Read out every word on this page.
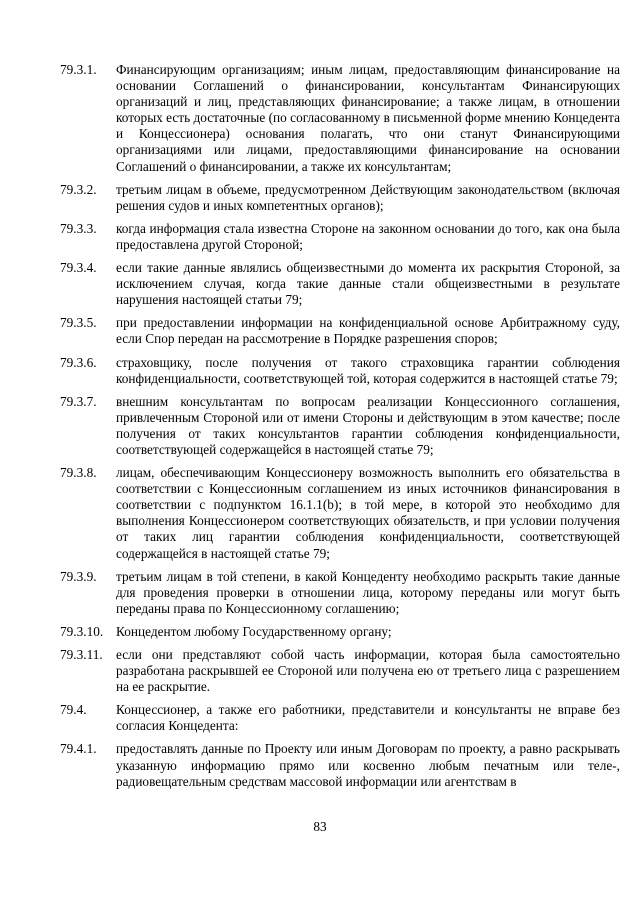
79.3.1.	Финансирующим организациям; иным лицам, предоставляющим финансирование на основании Соглашений о финансировании, консультантам Финансирующих организаций и лиц, представляющих финансирование; а также лицам, в отношении которых есть достаточные (по согласованному в письменной форме мнению Концедента и Концессионера) основания полагать, что они станут Финансирующими организациями или лицами, предоставляющими финансирование на основании Соглашений о финансировании, а также их консультантам;
79.3.2.	третьим лицам в объеме, предусмотренном Действующим законодательством (включая решения судов и иных компетентных органов);
79.3.3.	когда информация стала известна Стороне на законном основании до того, как она была предоставлена другой Стороной;
79.3.4.	если такие данные являлись общеизвестными до момента их раскрытия Стороной, за исключением случая, когда такие данные стали общеизвестными в результате нарушения настоящей статьи 79;
79.3.5.	при предоставлении информации на конфиденциальной основе Арбитражному суду, если Спор передан на рассмотрение в Порядке разрешения споров;
79.3.6.	страховщику, после получения от такого страховщика гарантии соблюдения конфиденциальности, соответствующей той, которая содержится в настоящей статье 79;
79.3.7.	внешним консультантам по вопросам реализации Концессионного соглашения, привлеченным Стороной или от имени Стороны и действующим в этом качестве; после получения от таких консультантов гарантии соблюдения конфиденциальности, соответствующей содержащейся в настоящей статье 79;
79.3.8.	лицам, обеспечивающим Концессионеру возможность выполнить его обязательства в соответствии с Концессионным соглашением из иных источников финансирования в соответствии с подпунктом 16.1.1(b); в той мере, в которой это необходимо для выполнения Концессионером соответствующих обязательств, и при условии получения от таких лиц гарантии соблюдения конфиденциальности, соответствующей содержащейся в настоящей статье 79;
79.3.9.	третьим лицам в той степени, в какой Концеденту необходимо раскрыть такие данные для проведения проверки в отношении лица, которому переданы или могут быть переданы права по Концессионному соглашению;
79.3.10. Концедентом любому Государственному органу;
79.3.11. если они представляют собой часть информации, которая была самостоятельно разработана раскрывшей ее Стороной или получена ею от третьего лица с разрешением на ее раскрытие.
79.4.	Концессионер, а также его работники, представители и консультанты не вправе без согласия Концедента:
79.4.1.	предоставлять данные по Проекту или иным Договорам по проекту, а равно раскрывать указанную информацию прямо или косвенно любым печатным или теле-, радиовещательным средствам массовой информации или агентствам в
83
